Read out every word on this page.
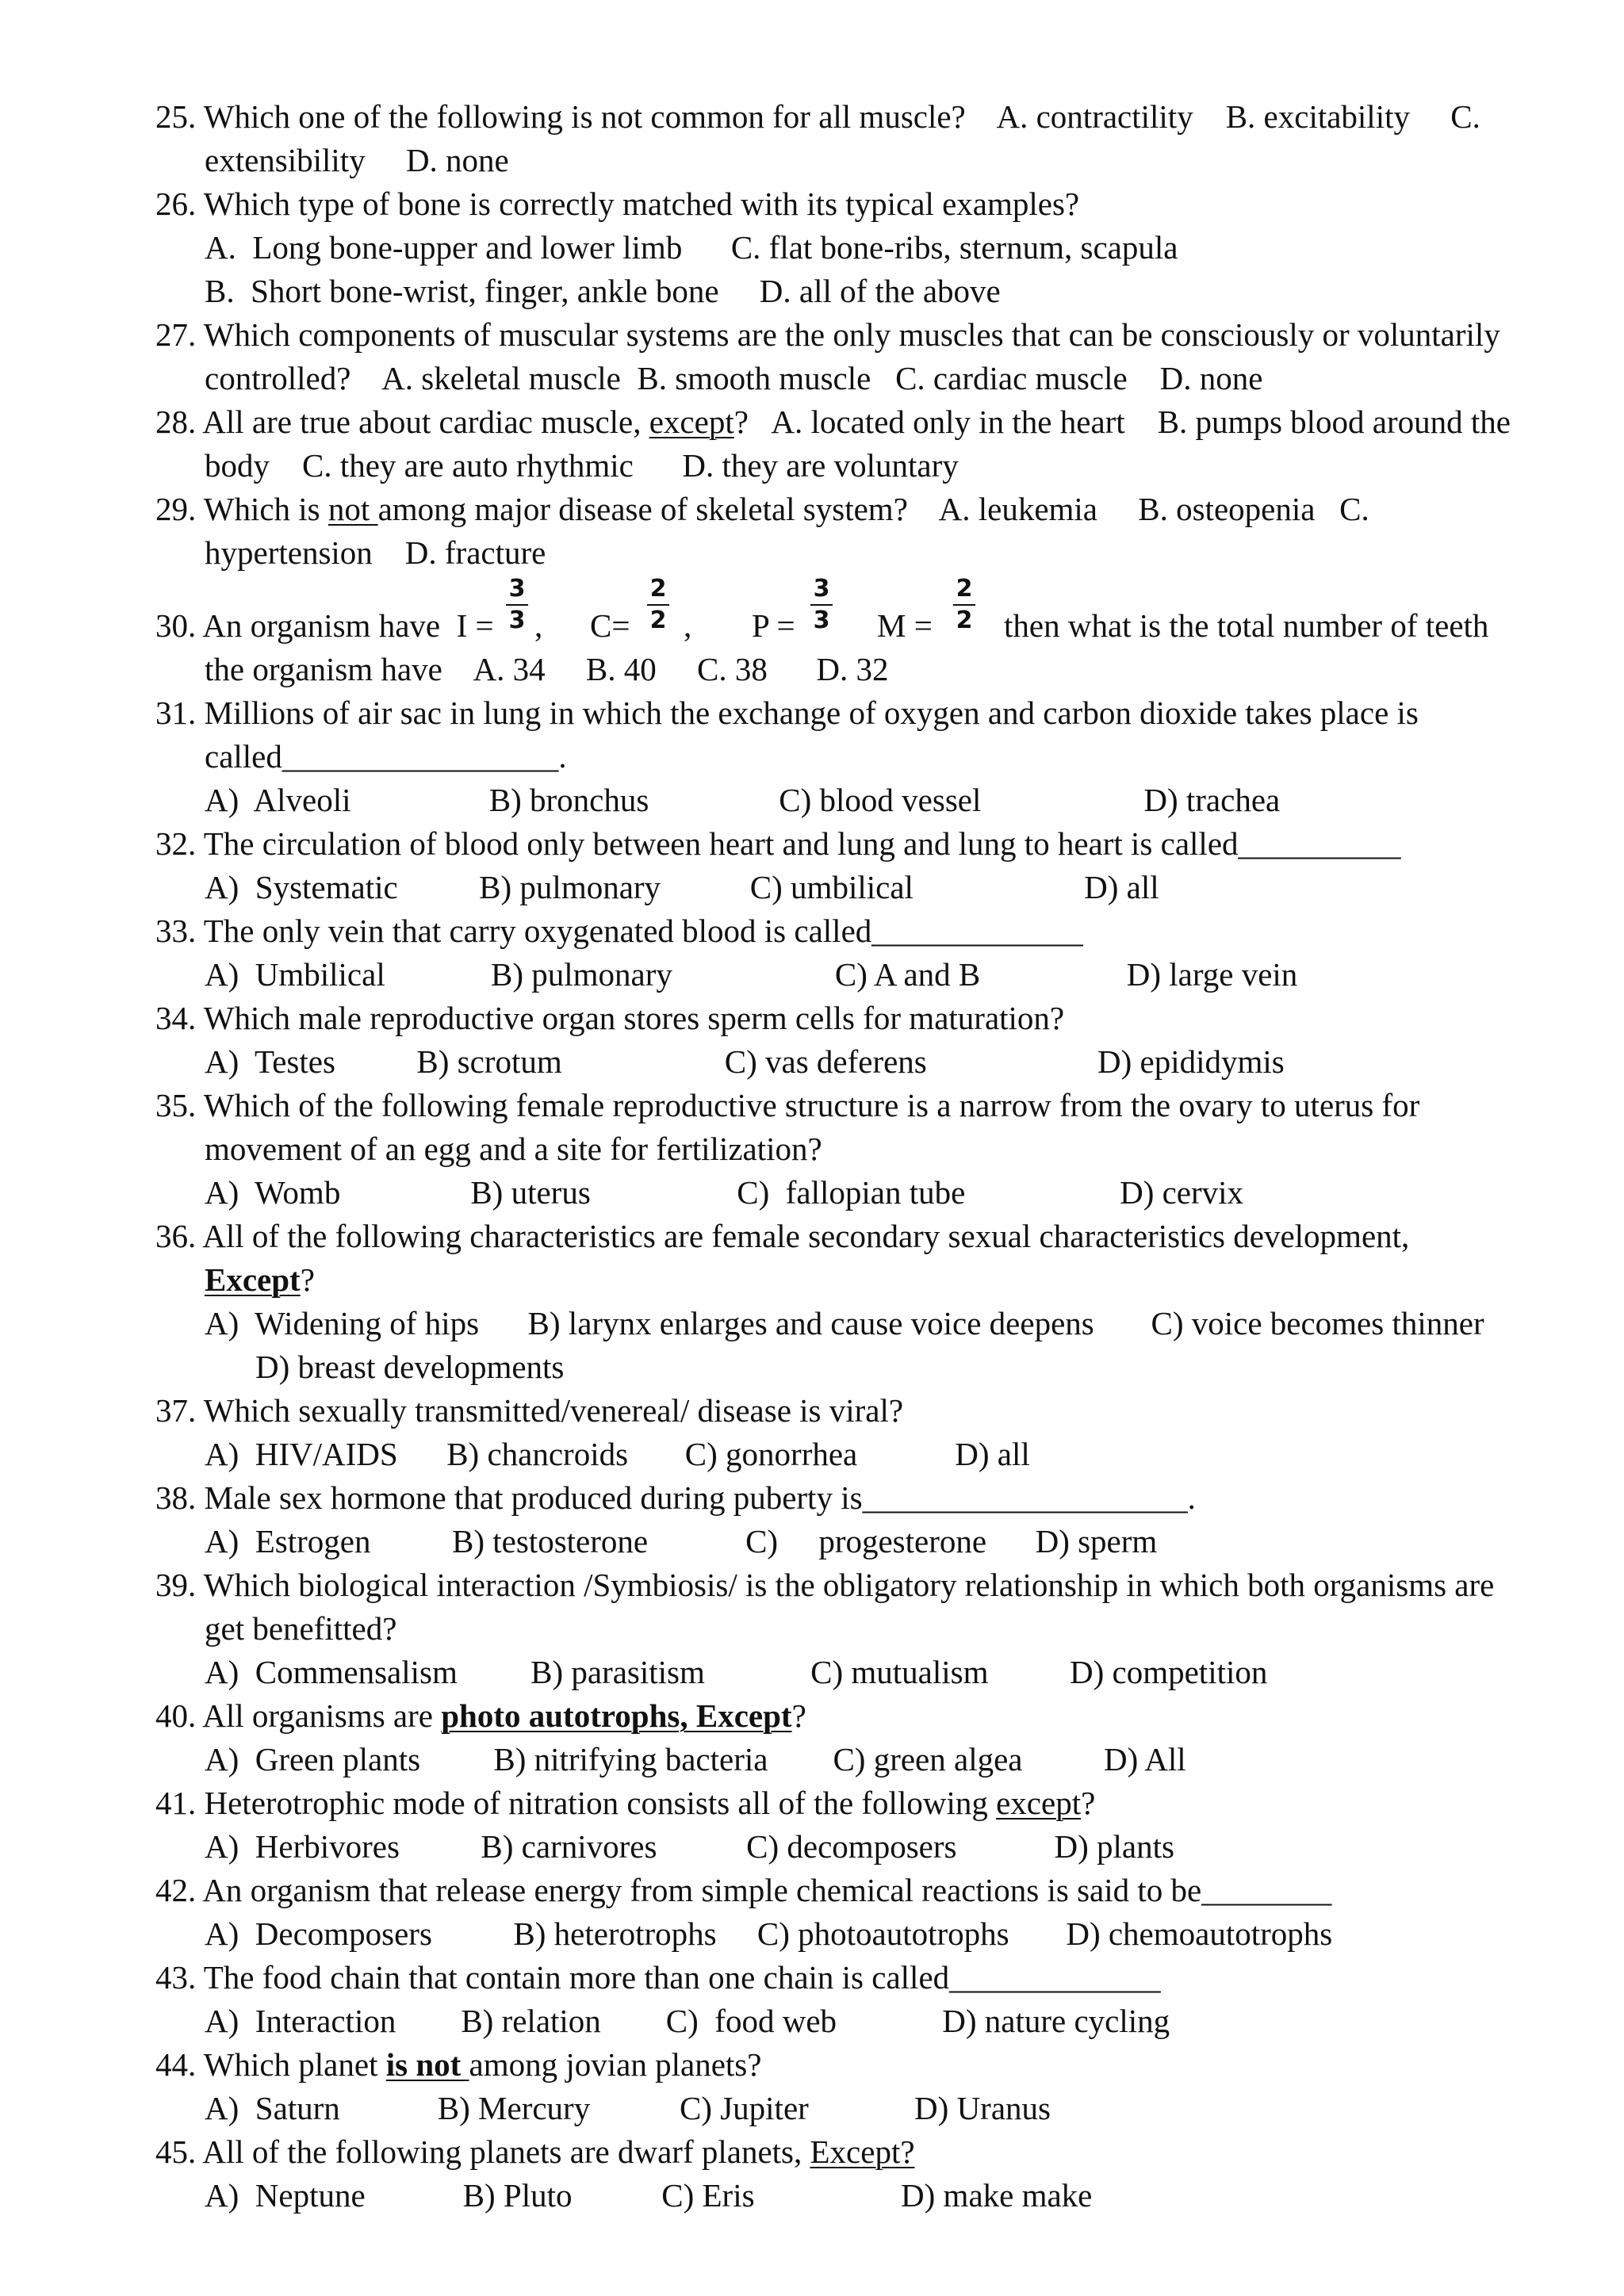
25. Which one of the following is not common for all muscle?    A. contractility    B. excitability     C.
extensibility     D. none
26. Which type of bone is correctly matched with its typical examples?
A.  Long bone-upper and lower limb      C. flat bone-ribs, sternum, scapula
B.  Short bone-wrist, finger, ankle bone     D. all of the above
27. Which components of muscular systems are the only muscles that can be consciously or voluntarily
controlled?    A. skeletal muscle  B. smooth muscle   C. cardiac muscle    D. none
28. All are true about cardiac muscle, except?   A. located only in the heart    B. pumps blood around the
body    C. they are auto rhythmic      D. they are voluntary
29. Which is not among major disease of skeletal system?    A. leukemia     B. osteopenia   C.
hypertension    D. fracture
30. An organism have  I =
3
3 , C=
2
2 , P =
3
3 M =
2
2 then what is the total number of teeth
the organism have    A. 34     B. 40     C. 38      D. 32
31. Millions of air sac in lung in which the exchange of oxygen and carbon dioxide takes place is
called_________________.
A)  Alveoli                 B) bronchus                C) blood vessel                    D) trachea
32. The circulation of blood only between heart and lung and lung to heart is called__________
A)  Systematic          B) pulmonary           C) umbilical                     D) all
33. The only vein that carry oxygenated blood is called_____________
A)  Umbilical             B) pulmonary                    C) A and B                  D) large vein
34. Which male reproductive organ stores sperm cells for maturation?
A)  Testes          B) scrotum                    C) vas deferens                     D) epididymis
35. Which of the following female reproductive structure is a narrow from the ovary to uterus for
movement of an egg and a site for fertilization?
A)  Womb                B) uterus                  C)  fallopian tube                   D) cervix
36. All of the following characteristics are female secondary sexual characteristics development,
Except?
A)  Widening of hips      B) larynx enlarges and cause voice deepens       C) voice becomes thinner
D) breast developments
37. Which sexually transmitted/venereal/ disease is viral?
A)  HIV/AIDS      B) chancroids       C) gonorrhea            D) all
38. Male sex hormone that produced during puberty is____________________.
A)  Estrogen          B) testosterone            C)     progesterone      D) sperm
39. Which biological interaction /Symbiosis/ is the obligatory relationship in which both organisms are
get benefitted?
A)  Commensalism         B) parasitism             C) mutualism          D) competition
40. All organisms are photo autotrophs, Except?
A)  Green plants         B) nitrifying bacteria        C) green algea          D) All
41. Heterotrophic mode of nitration consists all of the following except?
A)  Herbivores          B) carnivores           C) decomposers            D) plants
42. An organism that release energy from simple chemical reactions is said to be________
A)  Decomposers          B) heterotrophs     C) photoautotrophs       D) chemoautotrophs
43. The food chain that contain more than one chain is called_____________
A)  Interaction        B) relation        C)  food web             D) nature cycling
44. Which planet is not among jovian planets?
A)  Saturn            B) Mercury           C) Jupiter             D) Uranus
45. All of the following planets are dwarf planets, Except?
A)  Neptune            B) Pluto           C) Eris                  D) make make
